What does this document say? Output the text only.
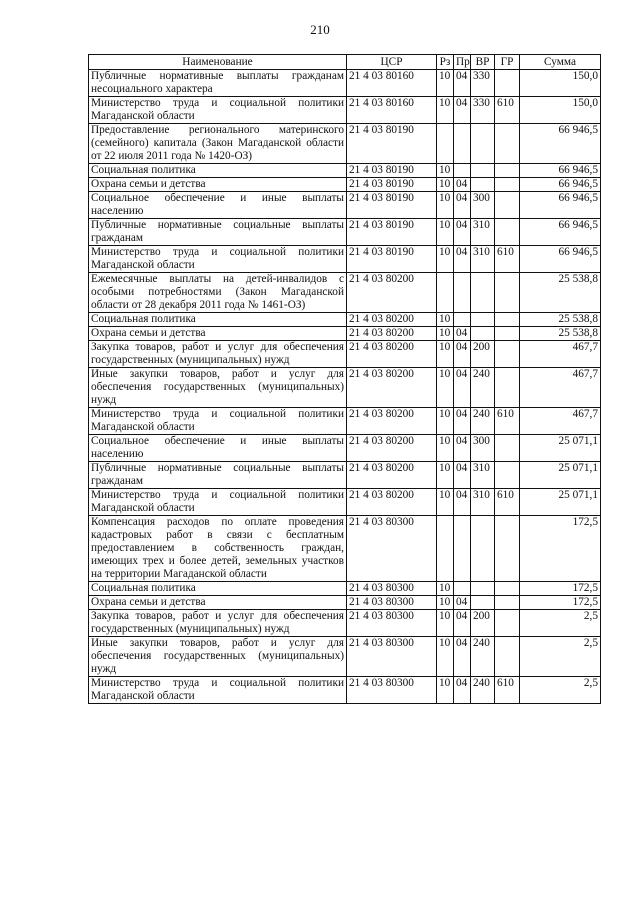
210
Наименование	ЦСР	Рз	Пр	ВР	ГР	Сумма
Публичные нормативные выплаты гражданам несоциального характера	21 4 03 80160	10	04	330		150,0
Министерство труда и социальной политики Магаданской области	21 4 03 80160	10	04	330	610	150,0
Предоставление регионального материнского (семейного) капитала (Закон Магаданской области от 22 июля 2011 года № 1420-ОЗ)	21 4 03 80190					66 946,5
Социальная политика	21 4 03 80190	10				66 946,5
Охрана семьи и детства	21 4 03 80190	10	04			66 946,5
Социальное обеспечение и иные выплаты населению	21 4 03 80190	10	04	300		66 946,5
Публичные нормативные социальные выплаты гражданам	21 4 03 80190	10	04	310		66 946,5
Министерство труда и социальной политики Магаданской области	21 4 03 80190	10	04	310	610	66 946,5
Ежемесячные выплаты на детей-инвалидов с особыми потребностями (Закон Магаданской области от 28 декабря 2011 года № 1461-ОЗ)	21 4 03 80200					25 538,8
Социальная политика	21 4 03 80200	10				25 538,8
Охрана семьи и детства	21 4 03 80200	10	04			25 538,8
Закупка товаров, работ и услуг для обеспечения государственных (муниципальных) нужд	21 4 03 80200	10	04	200		467,7
Иные закупки товаров, работ и услуг для обеспечения государственных (муниципальных) нужд	21 4 03 80200	10	04	240		467,7
Министерство труда и социальной политики Магаданской области	21 4 03 80200	10	04	240	610	467,7
Социальное обеспечение и иные выплаты населению	21 4 03 80200	10	04	300		25 071,1
Публичные нормативные социальные выплаты гражданам	21 4 03 80200	10	04	310		25 071,1
Министерство труда и социальной политики Магаданской области	21 4 03 80200	10	04	310	610	25 071,1
Компенсация расходов по оплате проведения кадастровых работ в связи с бесплатным предоставлением в собственность граждан, имеющих трех и более детей, земельных участков на территории Магаданской области	21 4 03 80300					172,5
Социальная политика	21 4 03 80300	10				172,5
Охрана семьи и детства	21 4 03 80300	10	04			172,5
Закупка товаров, работ и услуг для обеспечения государственных (муниципальных) нужд	21 4 03 80300	10	04	200		2,5
Иные закупки товаров, работ и услуг для обеспечения государственных (муниципальных) нужд	21 4 03 80300	10	04	240		2,5
Министерство труда и социальной политики Магаданской области	21 4 03 80300	10	04	240	610	2,5
